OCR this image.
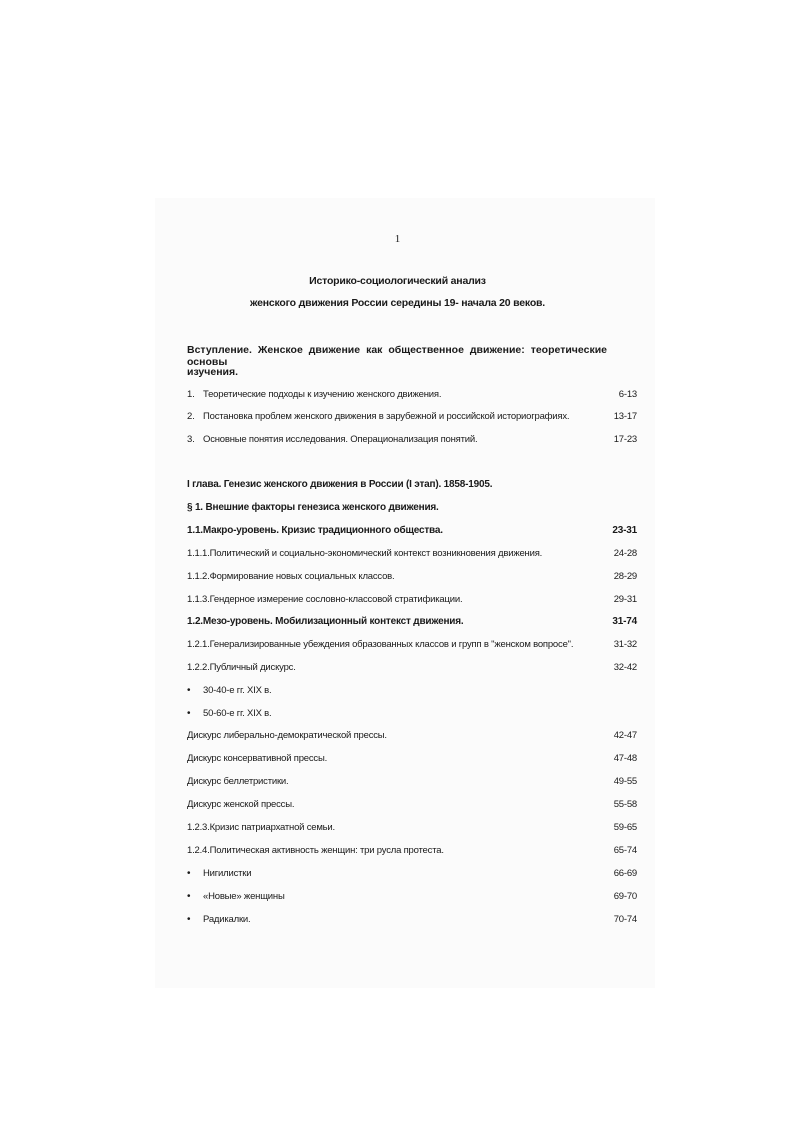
1
Историко-социологический анализ
женского движения России середины 19- начала 20 веков.
Вступление. Женское движение как общественное движение: теоретические основы
изучения.
1. Теоретические подходы к изучению женского движения.	6-13
2. Постановка проблем женского движения в зарубежной и российской историографиях.	13-17
3. Основные понятия исследования. Операционализация понятий.	17-23
I глава. Генезис женского движения в России (I этап). 1858-1905.
§ 1. Внешние факторы генезиса женского движения.
1.1.Макро-уровень. Кризис традиционного общества.	23-31
1.1.1.Политический и социально-экономический контекст возникновения движения.	24-28
1.1.2.Формирование новых социальных классов.	28-29
1.1.3.Гендерное измерение сословно-классовой стратификации.	29-31
1.2.Мезо-уровень. Мобилизационный контекст движения.	31-74
1.2.1.Генерализированные убеждения образованных классов и групп в "женском вопросе".	31-32
1.2.2.Публичный дискурс.	32-42
• 30-40-е гг. XIX в.
• 50-60-е гг. XIX в.
Дискурс либерально-демократической прессы.	42-47
Дискурс консервативной прессы.	47-48
Дискурс беллетристики.	49-55
Дискурс женской прессы.	55-58
1.2.3.Кризис патриархатной семьи.	59-65
1.2.4.Политическая активность женщин: три русла протеста.	65-74
• Нигилистки	66-69
• «Новые» женщины	69-70
• Радикалки.	70-74
